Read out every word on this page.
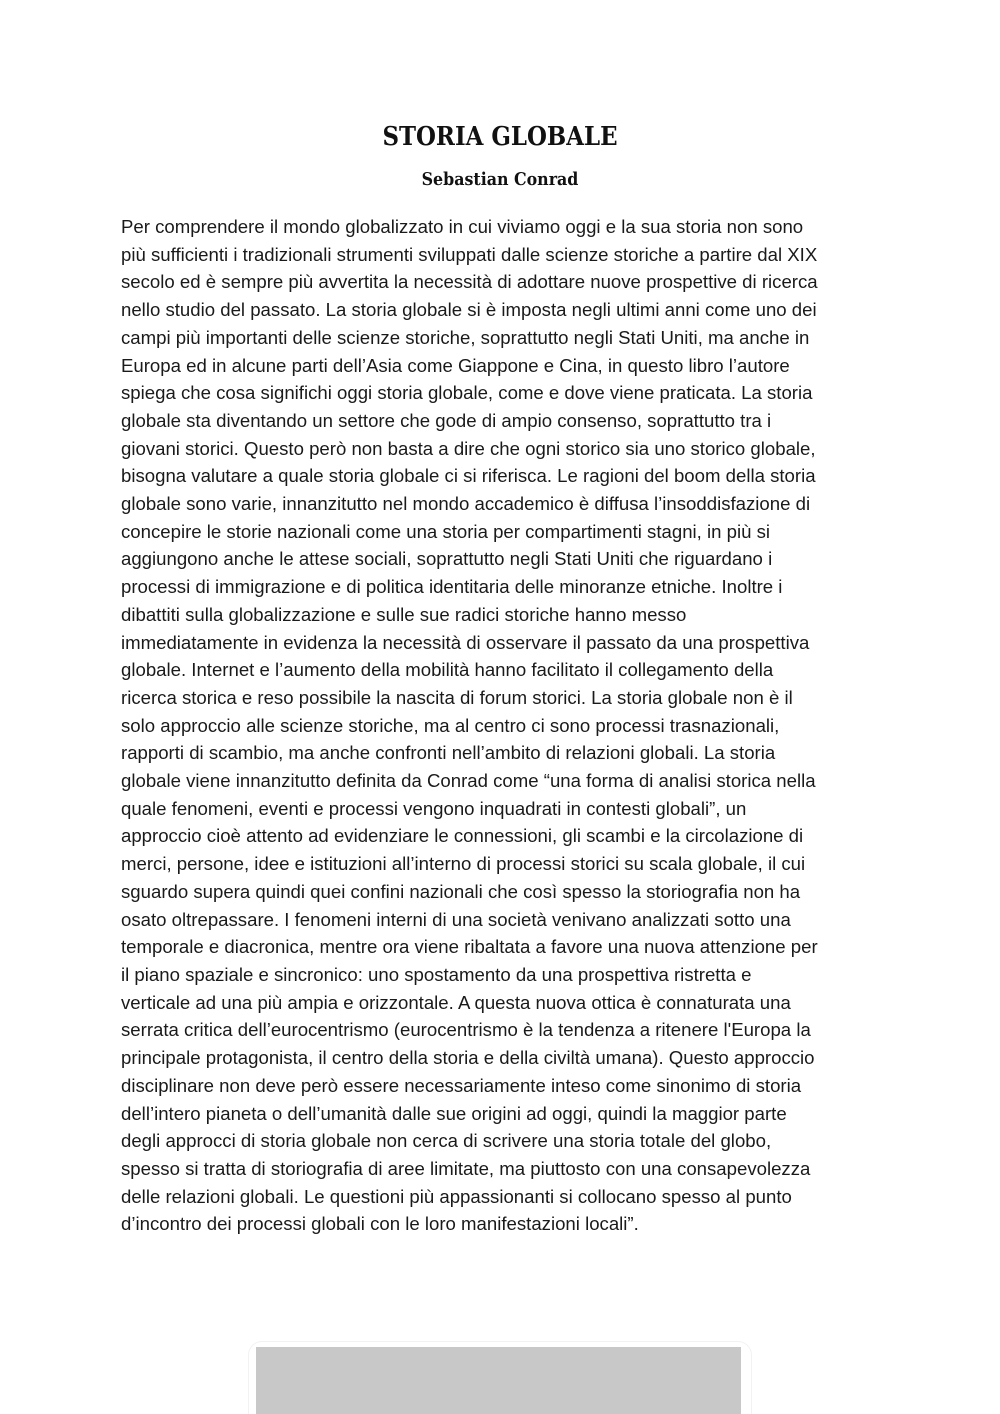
STORIA GLOBALE
Sebastian Conrad
Per comprendere il mondo globalizzato in cui viviamo oggi e la sua storia non sono
più sufficienti i tradizionali strumenti sviluppati dalle scienze storiche a partire dal XIX
secolo ed è sempre più avvertita la necessità di adottare nuove prospettive di ricerca
nello studio del passato. La storia globale si è imposta negli ultimi anni come uno dei
campi più importanti delle scienze storiche, soprattutto negli Stati Uniti, ma anche in
Europa ed in alcune parti dell’Asia come Giappone e Cina, in questo libro l’autore
spiega che cosa significhi oggi storia globale, come e dove viene praticata. La storia
globale sta diventando un settore che gode di ampio consenso, soprattutto tra i
giovani storici. Questo però non basta a dire che ogni storico sia uno storico globale,
bisogna valutare a quale storia globale ci si riferisca. Le ragioni del boom della storia
globale sono varie, innanzitutto nel mondo accademico è diffusa l’insoddisfazione di
concepire le storie nazionali come una storia per compartimenti stagni, in più si
aggiungono anche le attese sociali, soprattutto negli Stati Uniti che riguardano i
processi di immigrazione e di politica identitaria delle minoranze etniche. Inoltre i
dibattiti sulla globalizzazione e sulle sue radici storiche hanno messo
immediatamente in evidenza la necessità di osservare il passato da una prospettiva
globale. Internet e l’aumento della mobilità hanno facilitato il collegamento della
ricerca storica e reso possibile la nascita di forum storici. La storia globale non è il
solo approccio alle scienze storiche, ma al centro ci sono processi trasnazionali,
rapporti di scambio, ma anche confronti nell’ambito di relazioni globali. La storia
globale viene innanzitutto definita da Conrad come “una forma di analisi storica nella
quale fenomeni, eventi e processi vengono inquadrati in contesti globali”, un
approccio cioè attento ad evidenziare le connessioni, gli scambi e la circolazione di
merci, persone, idee e istituzioni all’interno di processi storici su scala globale, il cui
sguardo supera quindi quei confini nazionali che così spesso la storiografia non ha
osato oltrepassare. I fenomeni interni di una società venivano analizzati sotto una
temporale e diacronica, mentre ora viene ribaltata a favore una nuova attenzione per
il piano spaziale e sincronico: uno spostamento da una prospettiva ristretta e
verticale ad una più ampia e orizzontale. A questa nuova ottica è connaturata una
serrata critica dell’eurocentrismo (eurocentrismo è la tendenza a ritenere l'Europa la
principale protagonista, il centro della storia e della civiltà umana). Questo approccio
disciplinare non deve però essere necessariamente inteso come sinonimo di storia
dell’intero pianeta o dell’umanità dalle sue origini ad oggi, quindi la maggior parte
degli approcci di storia globale non cerca di scrivere una storia totale del globo,
spesso si tratta di storiografia di aree limitate, ma piuttosto con una consapevolezza
delle relazioni globali. Le questioni più appassionanti si collocano spesso al punto
d’incontro dei processi globali con le loro manifestazioni locali”.
